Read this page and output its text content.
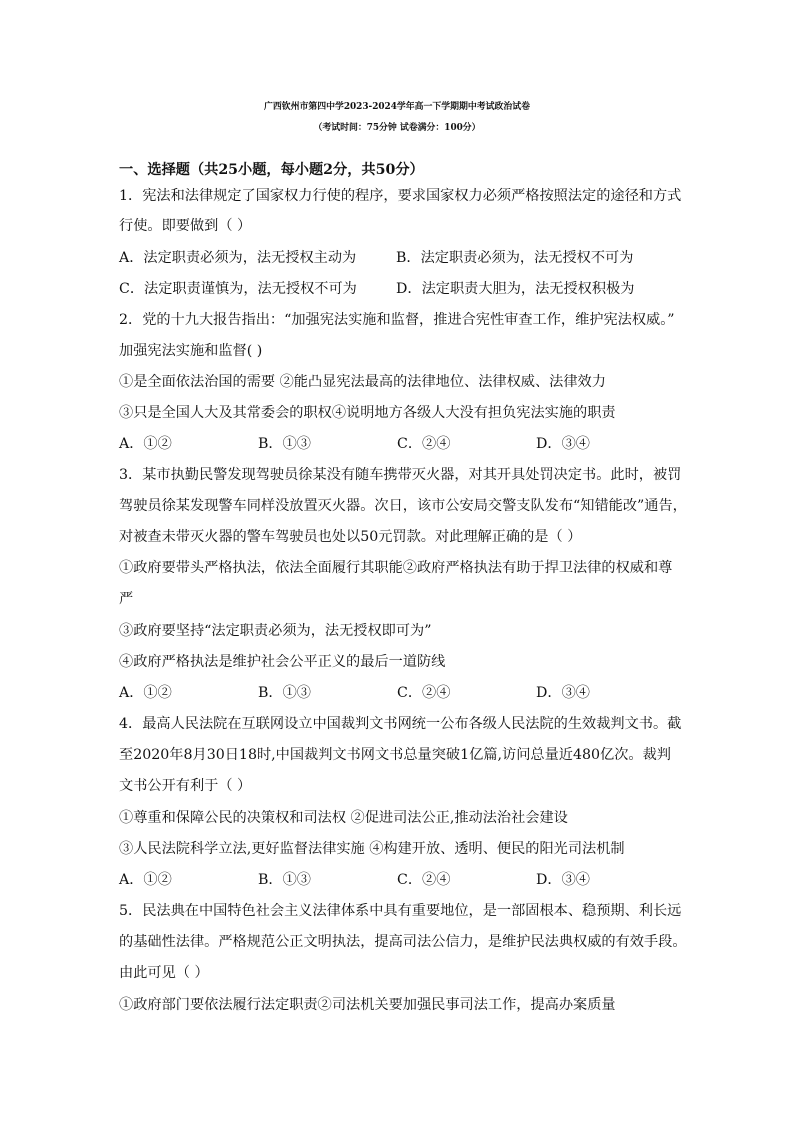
广西钦州市第四中学2023-2024学年高一下学期期中考试政治试卷
（考试时间：75分钟 试卷满分：100分）
一、选择题（共25小题，每小题2分，共50分）
1．宪法和法律规定了国家权力行使的程序，要求国家权力必须严格按照法定的途径和方式
行使。即要做到（ ）
A．法定职责必须为，法无授权主动为	B．法定职责必须为，法无授权不可为
C．法定职责谨慎为，法无授权不可为	D．法定职责大胆为，法无授权积极为
2．党的十九大报告指出：“加强宪法实施和监督，推进合宪性审查工作，维护宪法权威。”
加强宪法实施和监督( )
①是全面依法治国的需要 ②能凸显宪法最高的法律地位、法律权威、法律效力
③只是全国人大及其常委会的职权④说明地方各级人大没有担负宪法实施的职责
A．①②	B．①③	C．②④	D．③④
3．某市执勤民警发现驾驶员徐某没有随车携带灭火器，对其开具处罚决定书。此时，被罚
驾驶员徐某发现警车同样没放置灭火器。次日，该市公安局交警支队发布“知错能改”通告，
对被查未带灭火器的警车驾驶员也处以50元罚款。对此理解正确的是（ ）
①政府要带头严格执法，依法全面履行其职能②政府严格执法有助于捍卫法律的权威和尊
严
③政府要坚持“法定职责必须为，法无授权即可为”
④政府严格执法是维护社会公平正义的最后一道防线
A．①②	B．①③	C．②④	D．③④
4．最高人民法院在互联网设立中国裁判文书网统一公布各级人民法院的生效裁判文书。截
至2020年8月30日18时,中国裁判文书网文书总量突破1亿篇,访问总量近480亿次。裁判
文书公开有利于（ ）
①尊重和保障公民的决策权和司法权 ②促进司法公正,推动法治社会建设
③人民法院科学立法,更好监督法律实施 ④构建开放、透明、便民的阳光司法机制
A．①②	B．①③	C．②④	D．③④
5．民法典在中国特色社会主义法律体系中具有重要地位，是一部固根本、稳预期、利长远
的基础性法律。严格规范公正文明执法，提高司法公信力，是维护民法典权威的有效手段。
由此可见（ ）
①政府部门要依法履行法定职责②司法机关要加强民事司法工作，提高办案质量
